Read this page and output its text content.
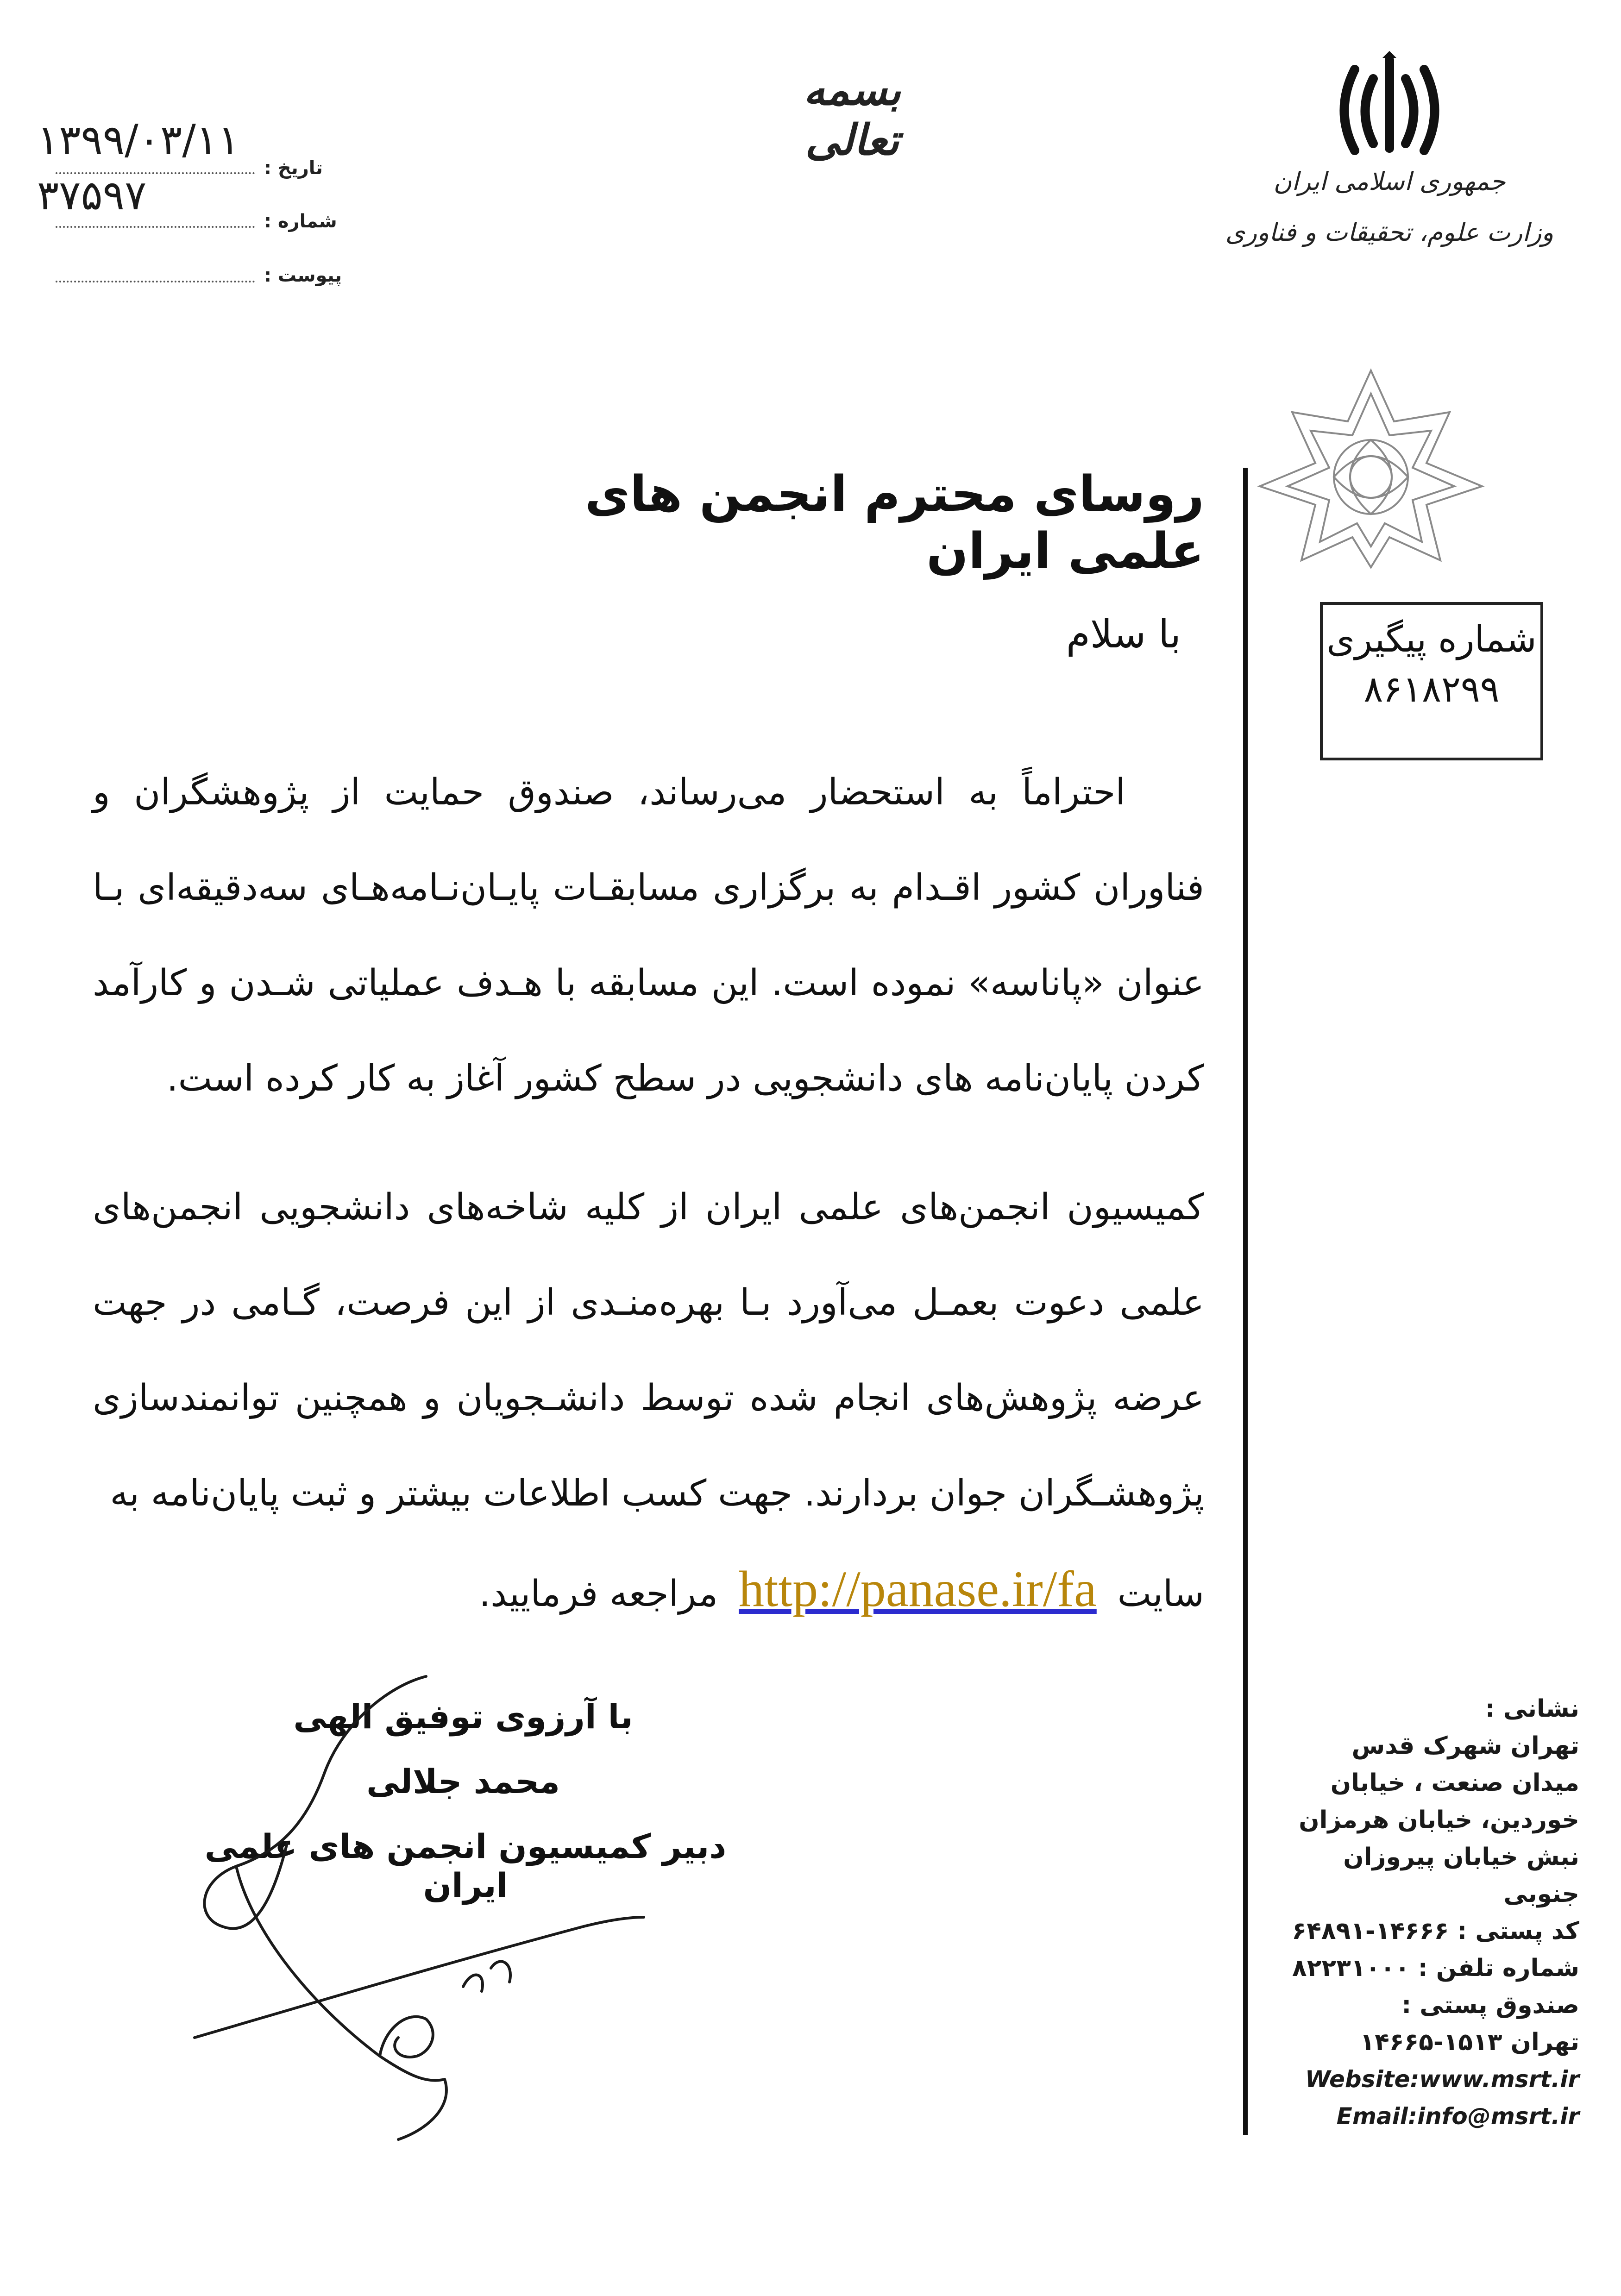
۱۳۹۹/۰۳/۱۱
تاریخ :
۳۷۵۹۷
شماره :
پیوست :
بسمه تعالی
جمهوری اسلامی ایران
وزارت علوم، تحقیقات و فناوری
شماره پیگیری
۸۶۱۸۲۹۹
روسای محترم انجمن های علمی ایران
با سلام

احتراماً به استحضار می‌رساند، صندوق حمایت از پژوهشگران و فناوران کشور اقـدام به برگزاری مسابقـات پایـان‌نـامه‌هـای سه‌دقیقه‌ای بـا عنوان «پاناسه» نموده است. این مسابقه با هـدف عملیاتی شـدن و کارآمد کردن پایان‌نامه های دانشجویی در سطح کشور آغاز به کار کرده است.

کمیسیون انجمن‌های علمی ایران از کلیه شاخه‌های دانشجویی انجمن‌های علمی دعوت بعمـل می‌آورد بـا بهره‌منـدی از این فرصت، گـامی در جهت عرضه پژوهش‌های انجام شده توسط دانشـجویان و همچنین توانمندسازی پژوهشـگران جوان بردارند. جهت کسب اطلاعات بیشتر و ثبت پایان‌نامه به

سایت http://panase.ir/fa مراجعه فرمایید.

با آرزوی توفیق الهی
محمد جلالی
دبیر کمیسیون انجمن های علمی ایران
نشانی :
تهران شهرک قدس
میدان صنعت ، خیابان
خوردین، خیابان هرمزان
نبش خیابان پیروزان جنوبی
کد پستی : ۱۴۶۶۶-۶۴۸۹۱
شماره تلفن : ۸۲۲۳۱۰۰۰
صندوق پستی :
تهران ۱۵۱۳-۱۴۶۶۵
Website:www.msrt.ir
Email:info@msrt.ir
